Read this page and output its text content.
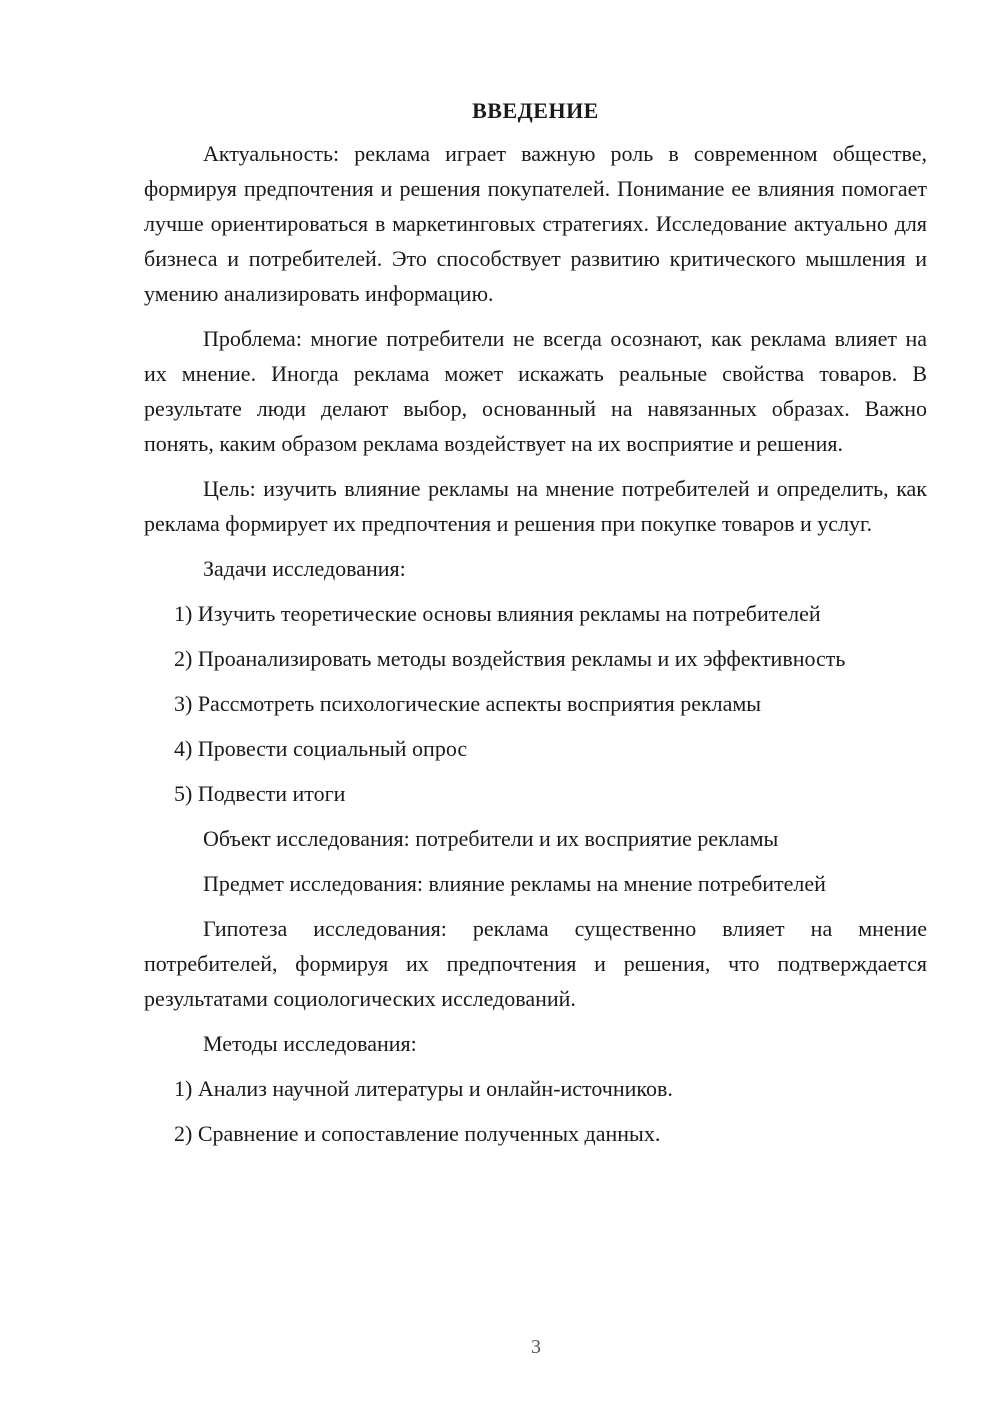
ВВЕДЕНИЕ

Актуальность: реклама играет важную роль в современном обществе, формируя предпочтения и решения покупателей. Понимание ее влияния помогает лучше ориентироваться в маркетинговых стратегиях. Исследование актуально для бизнеса и потребителей. Это способствует развитию критического мышления и умению анализировать информацию.

Проблема: многие потребители не всегда осознают, как реклама влияет на их мнение. Иногда реклама может искажать реальные свойства товаров. В результате люди делают выбор, основанный на навязанных образах. Важно понять, каким образом реклама воздействует на их восприятие и решения.

Цель: изучить влияние рекламы на мнение потребителей и определить, как реклама формирует их предпочтения и решения при покупке товаров и услуг.

Задачи исследования:

1) Изучить теоретические основы влияния рекламы на потребителей

2) Проанализировать методы воздействия рекламы и их эффективность

3) Рассмотреть психологические аспекты восприятия рекламы

4) Провести социальный опрос

5) Подвести итоги

Объект исследования: потребители и их восприятие рекламы

Предмет исследования: влияние рекламы на мнение потребителей

Гипотеза исследования: реклама существенно влияет на мнение потребителей, формируя их предпочтения и решения, что подтверждается результатами социологических исследований.

Методы исследования:

1) Анализ научной литературы и онлайн-источников.

2) Сравнение и сопоставление полученных данных.

3
